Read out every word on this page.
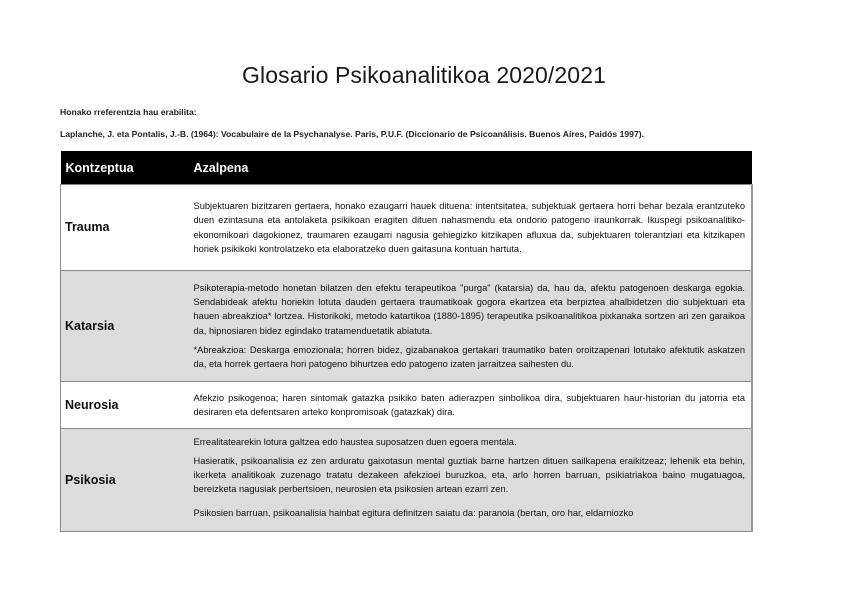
Glosario Psikoanalitikoa 2020/2021
Honako rreferentzia hau erabilita:
Laplanche, J. eta Pontalis, J.-B. (1964): Vocabulaire de la Psychanalyse. Paris, P.U.F. (Diccionario de Psicoanálisis. Buenos Aires, Paidós 1997).
Kontzeptua	Azalpena
Trauma	Subjektuaren bizitzaren gertaera, honako ezaugarri hauek dituena: intentsitatea, subjektuak gertaera horri behar bezala erantzuteko duen ezintasuna eta antolaketa psikikoan eragiten dituen nahasmendu eta ondorio patogeno iraunkorrak. Ikuspegi psikoanalitiko-ekonomikoari dagokionez, traumaren ezaugarri nagusia gehiegizko kitzikapen afluxua da, subjektuaren tolerantziari eta kitzikapen horiek psikikoki kontrolatzeko eta elaboratzeko duen gaitasuna kontuan hartuta.

Katarsia	Psikoterapia-metodo honetan bilatzen den efektu terapeutikoa "purga" (katarsia) da, hau da, afektu patogenoen deskarga egokia. Sendabideak afektu horiekin lotuta dauden gertaera traumatikoak gogora ekartzea eta berpiztea ahalbidetzen dio subjektuari eta hauen abreakzioa* lortzea. Historikoki, metodo katartikoa (1880-1895) terapeutika psikoanalitikoa pixkanaka sortzen ari zen garaikoa da, hipnosiaren bidez egindako tratamenduetatik abiatuta.

*Abreakzioa: Deskarga emozionala; horren bidez, gizabanakoa gertakari traumatiko baten oroitzapenari lotutako afektutik askatzen da, eta horrek gertaera hori patogeno bihurtzea edo patogeno izaten jarraitzea saihesten du.

Neurosia	Afekzio psikogenoa; haren sintomak gatazka psikiko baten adierazpen sinbolikoa dira, subjektuaren haur-historian du jatorria eta desiraren eta defentsaren arteko konpromisoak (gatazkak) dira.

Psikosia	Errealitatearekin lotura galtzea edo haustea suposatzen duen egoera mentala.

Hasieratik, psikoanalisia ez zen arduratu gaixotasun mental guztiak barne hartzen dituen sailkapena eraikitzeaz; lehenik eta behin, ikerketa analitikoak zuzenago tratatu dezakeen afekzioei buruzkoa, eta, arlo horren barruan, psikiatriakoa baino mugatuagoa, bereizketa nagusiak perbertsioen, neurosien eta psikosien artean ezarri zen.

Psikosien barruan, psikoanalisia hainbat egitura definitzen saiatu da: paranoia (bertan, oro har, eldarniozko
